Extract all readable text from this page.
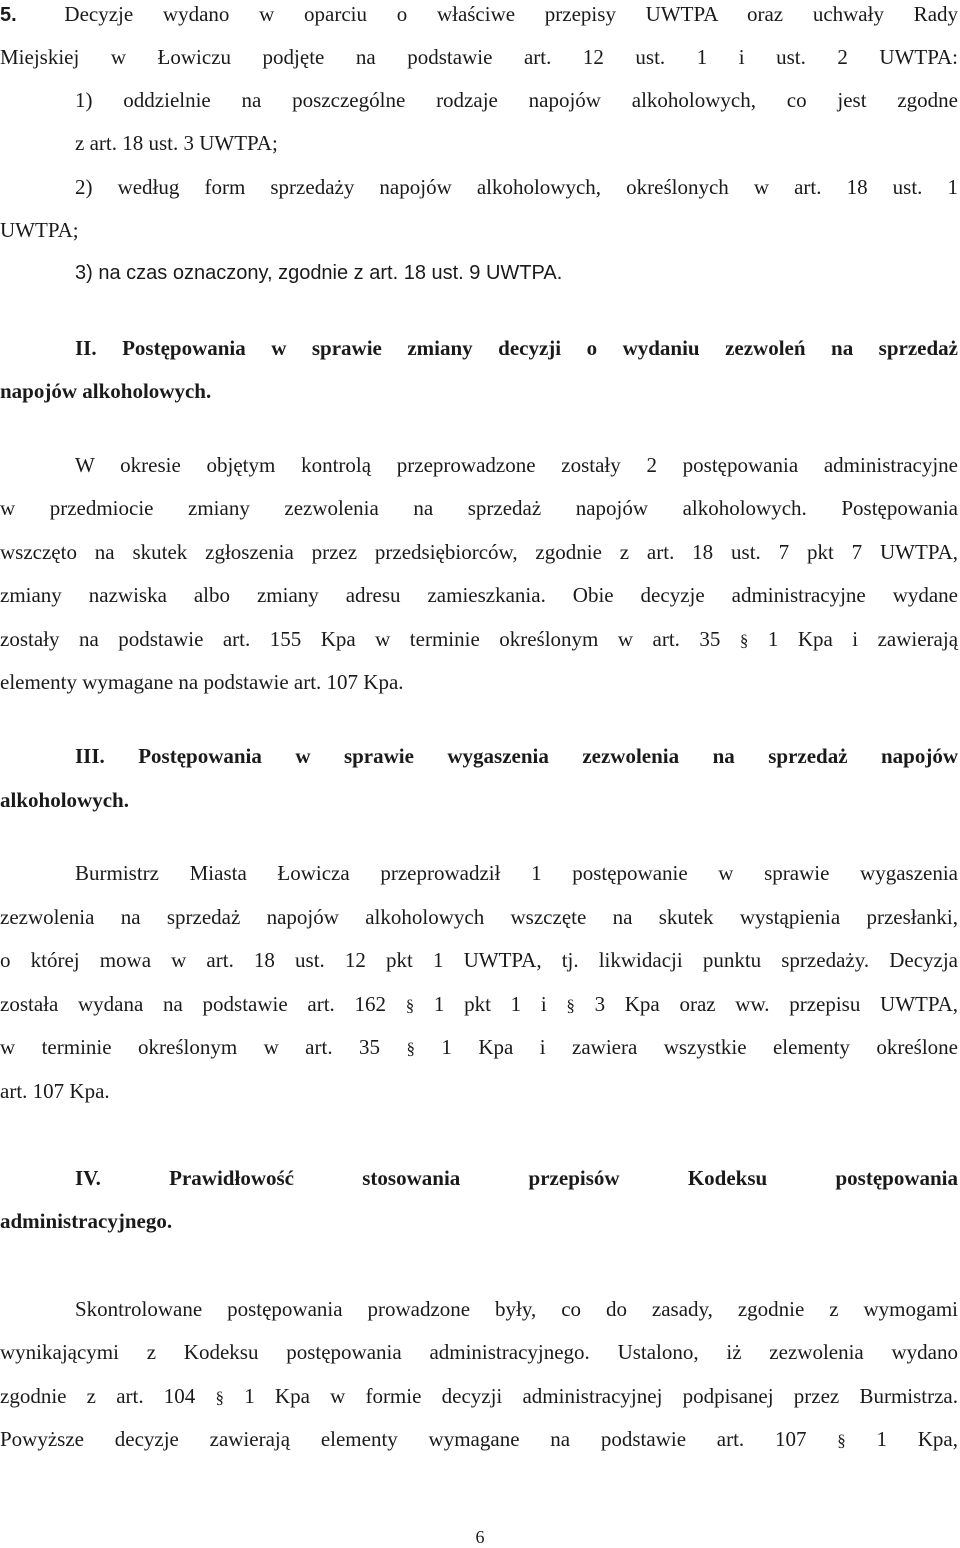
5. Decyzje wydano w oparciu o właściwe przepisy UWTPA oraz uchwały Rady
Miejskiej w Łowiczu podjęte na podstawie art. 12 ust. 1 i ust. 2 UWTPA:
1) oddzielnie na poszczególne rodzaje napojów alkoholowych, co jest zgodne
z art. 18 ust. 3 UWTPA;
2) według form sprzedaży napojów alkoholowych, określonych w art. 18 ust. 1
UWTPA;
3) na czas oznaczony, zgodnie z art. 18 ust. 9 UWTPA.
II. Postępowania w sprawie zmiany decyzji o wydaniu zezwoleń na sprzedaż
napojów alkoholowych.
W okresie objętym kontrolą przeprowadzone zostały 2 postępowania administracyjne
w przedmiocie zmiany zezwolenia na sprzedaż napojów alkoholowych. Postępowania
wszczęto na skutek zgłoszenia przez przedsiębiorców, zgodnie z art. 18 ust. 7 pkt 7 UWTPA,
zmiany nazwiska albo zmiany adresu zamieszkania. Obie decyzje administracyjne wydane
zostały na podstawie art. 155 Kpa w terminie określonym w art. 35 § 1 Kpa i zawierają
elementy wymagane na podstawie art. 107 Kpa.
III. Postępowania w sprawie wygaszenia zezwolenia na sprzedaż napojów
alkoholowych.
Burmistrz Miasta Łowicza przeprowadził 1 postępowanie w sprawie wygaszenia
zezwolenia na sprzedaż napojów alkoholowych wszczęte na skutek wystąpienia przesłanki,
o której mowa w art. 18 ust. 12 pkt 1 UWTPA, tj. likwidacji punktu sprzedaży. Decyzja
została wydana na podstawie art. 162 § 1 pkt 1 i § 3 Kpa oraz ww. przepisu UWTPA,
w terminie określonym w art. 35 § 1 Kpa i zawiera wszystkie elementy określone
art. 107 Kpa.
IV. Prawidłowość stosowania przepisów Kodeksu postępowania
administracyjnego.
Skontrolowane postępowania prowadzone były, co do zasady, zgodnie z wymogami
wynikającymi z Kodeksu postępowania administracyjnego. Ustalono, iż zezwolenia wydano
zgodnie z art. 104 § 1 Kpa w formie decyzji administracyjnej podpisanej przez Burmistrza.
Powyższe decyzje zawierają elementy wymagane na podstawie art. 107 § 1 Kpa,
6
